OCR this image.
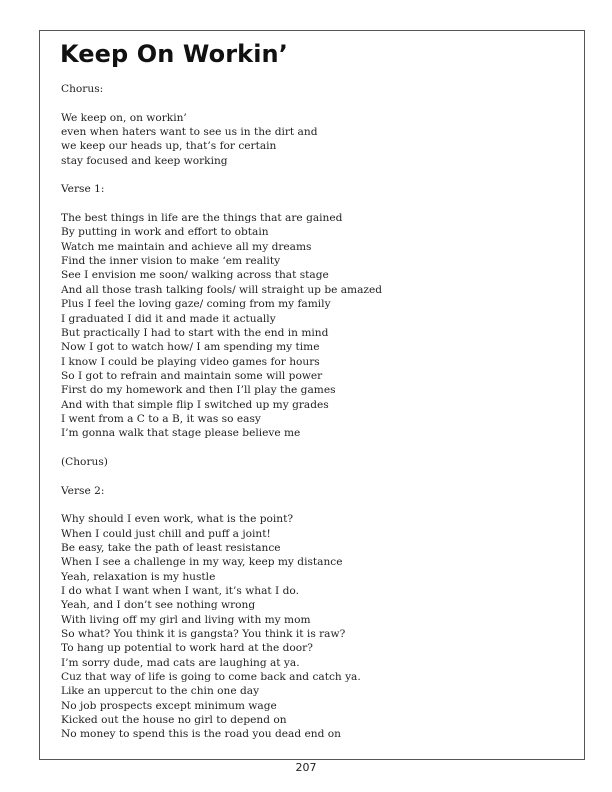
Keep On Workin’
Chorus:
We keep on, on workin’
even when haters want to see us in the dirt and
we keep our heads up, that’s for certain
stay focused and keep working
Verse 1:
The best things in life are the things that are gained
By putting in work and effort to obtain
Watch me maintain and achieve all my dreams
Find the inner vision to make ‘em reality
See I envision me soon/ walking across that stage
And all those trash talking fools/ will straight up be amazed
Plus I feel the loving gaze/ coming from my family
I graduated I did it and made it actually
But practically I had to start with the end in mind
Now I got to watch how/ I am spending my time
I know I could be playing video games for hours
So I got to refrain and maintain some will power
First do my homework and then I’ll play the games
And with that simple flip I switched up my grades
I went from a C to a B, it was so easy
I’m gonna walk that stage please believe me
(Chorus)
Verse 2:
Why should I even work, what is the point?
When I could just chill and puff a joint!
Be easy, take the path of least resistance
When I see a challenge in my way, keep my distance
Yeah, relaxation is my hustle
I do what I want when I want, it’s what I do.
Yeah, and I don’t see nothing wrong
With living off my girl and living with my mom
So what? You think it is gangsta? You think it is raw?
To hang up potential to work hard at the door?
I’m sorry dude, mad cats are laughing at ya.
Cuz that way of life is going to come back and catch ya.
Like an uppercut to the chin one day
No job prospects except minimum wage
Kicked out the house no girl to depend on
No money to spend this is the road you dead end on
207
